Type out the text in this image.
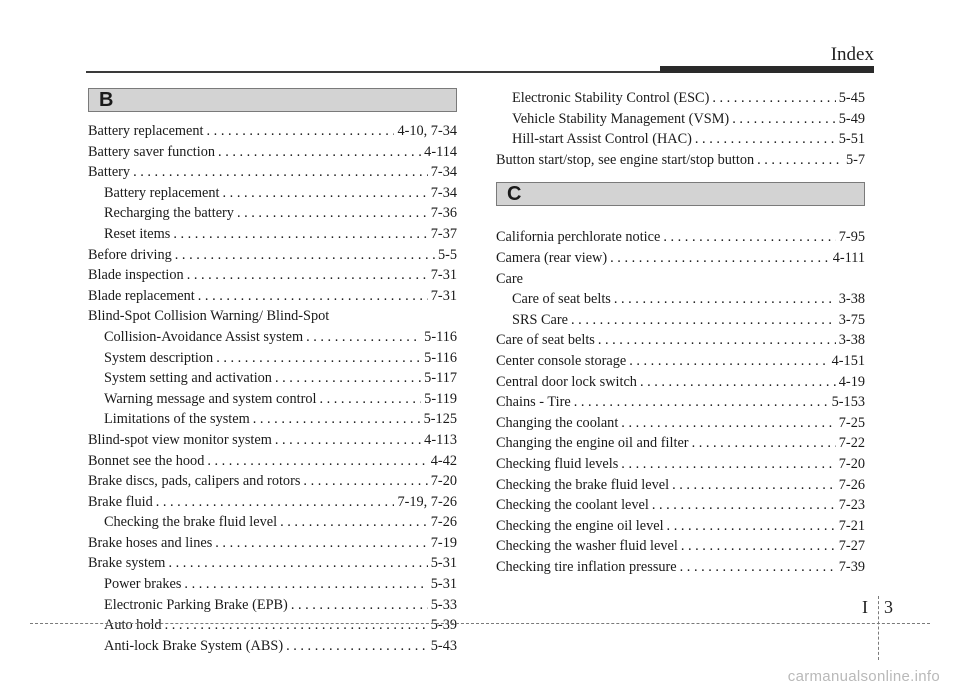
Index
B
Battery replacement . . .	4-10, 7-34
Battery saver function . . .	4-114
Battery . . .	7-34
Battery replacement . . .	7-34
Recharging the battery . . .	7-36
Reset items . . .	7-37
Before driving . . .	5-5
Blade inspection . . .	7-31
Blade replacement . . .	7-31
Blind-Spot Collision Warning/ Blind-Spot
Collision-Avoidance Assist system . . .	5-116
System description . . .	5-116
System setting and activation . . .	5-117
Warning message and system control . . .	5-119
Limitations of the system . . .	5-125
Blind-spot view monitor system . . .	4-113
Bonnet see the hood . . .	4-42
Brake discs, pads, calipers and rotors . . .	7-20
Brake fluid . . .	7-19, 7-26
Checking the brake fluid level . . .	7-26
Brake hoses and lines . . .	7-19
Brake system . . .	5-31
Power brakes . . .	5-31
Electronic Parking Brake (EPB) . . .	5-33
Auto hold . . .	5-39
Anti-lock Brake System (ABS) . . .	5-43
Electronic Stability Control (ESC) . . .	5-45
Vehicle Stability Management (VSM) . . .	5-49
Hill-start Assist Control (HAC) . . .	5-51
Button start/stop, see engine start/stop button . . .	5-7
C
California perchlorate notice . . .	7-95
Camera (rear view) . . .	4-111
Care
Care of seat belts . . .	3-38
SRS Care . . .	3-75
Care of seat belts . . .	3-38
Center console storage . . .	4-151
Central door lock switch . . .	4-19
Chains - Tire . . .	5-153
Changing the coolant . . .	7-25
Changing the engine oil and filter . . .	7-22
Checking fluid levels . . .	7-20
Checking the brake fluid level . . .	7-26
Checking the coolant level . . .	7-23
Checking the engine oil level . . .	7-21
Checking the washer fluid level . . .	7-27
Checking tire inflation pressure . . .	7-39
I 3
carmanualsonline.info
